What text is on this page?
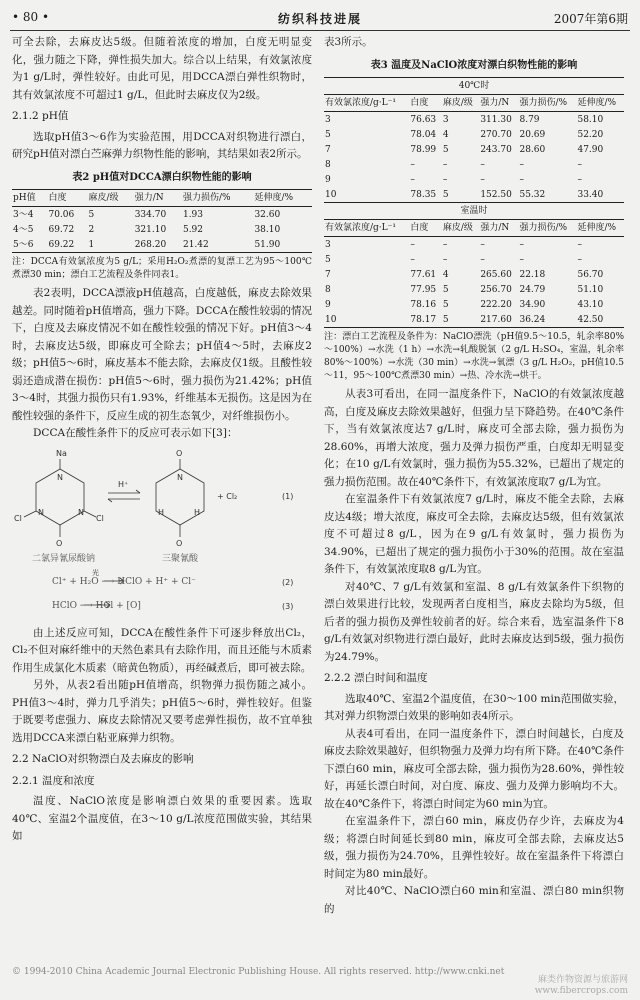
• 80 •	纺织科技进展	2007年第6期

可全去除，去麻皮达5级。但随着浓度的增加，白度无明显变化，强力随之下降，弹性损失加大。综合以上结果，有效氯浓度为1 g/L时，弹性较好。由此可见，用DCCA漂白弹性织物时，其有效氯浓度不可超过1 g/L，但此时去麻皮仅为2级。

2.1.2 pH值

选取pH值3～6作为实验范围，用DCCA对织物进行漂白，研究pH值对漂白苎麻弹力织物性能的影响，其结果如表2所示。

表2 pH值对DCCA漂白织物性能的影响
pH值	白度	麻皮/级	强力/N	强力损伤/%	延伸度/%
3～4	70.06	5	334.70	1.93	32.60
4～5	69.72	2	321.10	5.92	38.10
5～6	69.22	1	268.20	21.42	51.90

注：DCCA有效氯浓度为5 g/L；采用H₂O₂煮漂的复漂工艺为95～100℃煮漂30 min；漂白工艺流程及条件同表1。

表2表明，DCCA漂液pH值越高，白度越低，麻皮去除效果越差。同时随着pH值增高，强力下降。DCCA在酸性较弱的情况下，白度及去麻皮情况不如在酸性较强的情况下好。pH值3～4时，去麻皮达5级，即麻皮可全除去；pH值4～5时，去麻皮2级；pH值5～6时，麻皮基本不能去除，去麻皮仅1级。且酸性较弱还造成潜在损伤：pH值5～6时，强力损伤为21.42%；pH值3～4时，其强力损伤只有1.93%，纤维基本无损伤。这是因为在酸性较强的条件下，反应生成的初生态氧少，对纤维损伤小。

DCCA在酸性条件下的反应可表示如下[3]：

Na
O
Cl	Cl
N
N
N
O
O
N
H
H
H⁺
+ Cl₂	(1)
(2)
(3)
光
二氯异氰尿酸钠	三聚氰酸
Cl⁺ + H₂O ⟶ HClO + H⁺ + Cl⁻
HClO ⟶ HCl + [O]

由上述反应可知，DCCA在酸性条件下可逐步释放出Cl₂，Cl₂不但对麻纤维中的天然色素具有去除作用，而且还能与木质素作用生成氯化木质素（暗黄色物质），再经碱煮后，即可被去除。

另外，从表2看出随pH值增高，织物弹力损伤随之减小。PH值3～4时，弹力几乎消失；pH值5～6时，弹性较好。但鉴于既要考虑强力、麻皮去除情况又要考虑弹性损伤，故不宜单独选用DCCA来漂白粘亚麻弹力织物。

2.2 NaClO对织物漂白及去麻皮的影响

2.2.1 温度和浓度

温度、NaClO浓度是影响漂白效果的重要因素。选取40℃、室温2个温度值，在3～10 g/L浓度范围做实验，其结果如

表3所示。

表3 温度及NaClO浓度对漂白织物性能的影响
40℃时					
有效氯浓度/g·L⁻¹	白度	麻皮/级	强力/N	强力损伤/%	延伸度/%
3	76.63	3	311.30	8.79	58.10
5	78.04	4	270.70	20.69	52.20
7	78.99	5	243.70	28.60	47.90
8	–	–	–	–	–
9	–	–	–	–	–
10	78.35	5	152.50	55.32	33.40
室温时					
有效氯浓度/g·L⁻¹	白度	麻皮/级	强力/N	强力损伤/%	延伸度/%
3	–	–	–	–	–
5	–	–	–	–	–
7	77.61	4	265.60	22.18	56.70
8	77.95	5	256.70	24.79	51.10
9	78.16	5	222.20	34.90	43.10
10	78.17	5	217.60	36.24	42.50

注：漂白工艺流程及条件为：NaClO漂洗（pH值9.5～10.5，轧余率80%～100%）→水洗（1 h）→水洗→轧酸脱氯（2 g/L H₂SO₄，室温，轧余率80%～100%）→水洗（30 min）→水洗→氧漂（3 g/L H₂O₂，pH值10.5～11，95～100℃煮漂30 min）→热、冷水洗→烘干。

从表3可看出，在同一温度条件下，NaClO的有效氯浓度越高，白度及麻皮去除效果越好，但强力呈下降趋势。在40℃条件下，当有效氯浓度达7 g/L时，麻皮可全部去除，强力损伤为28.60%，再增大浓度，强力及弹力损伤严重，白度却无明显变化；在10 g/L有效氯时，强力损伤为55.32%，已超出了规定的强力损伤范围。故在40℃条件下，有效氯浓度取7 g/L为宜。

在室温条件下有效氯浓度7 g/L时，麻皮不能全去除，去麻皮达4级；增大浓度，麻皮可全去除，去麻皮达5级，但有效氯浓度不可超过8 g/L，因为在9 g/L有效氯时，强力损伤为34.90%，已超出了规定的强力损伤小于30%的范围。故在室温条件下，有效氯浓度取8 g/L为宜。

对40℃、7 g/L有效氯和室温、8 g/L有效氯条件下织物的漂白效果进行比较，发现两者白度相当，麻皮去除均为5级，但后者的强力损伤及弹性较前者的好。综合来看，选室温条件下8 g/L有效氯对织物进行漂白最好，此时去麻皮达到5级，强力损伤为24.79%。

2.2.2 漂白时间和温度

选取40℃、室温2个温度值，在30～100 min范围做实验，其对弹力织物漂白效果的影响如表4所示。

从表4可看出，在同一温度条件下，漂白时间越长，白度及麻皮去除效果越好，但织物强力及弹力均有所下降。在40℃条件下漂白60 min，麻皮可全部去除，强力损伤为28.60%，弹性较好，再延长漂白时间，对白度、麻皮、强力及弹力影响均不大。故在40℃条件下，将漂白时间定为60 min为宜。

在室温条件下，漂白60 min，麻皮仍存少许，去麻皮为4级；将漂白时间延长到80 min，麻皮可全部去除，去麻皮达5级，强力损伤为24.70%，且弹性较好。故在室温条件下将漂白时间定为80 min最好。

对比40℃、NaClO漂白60 min和室温、漂白80 min织物的

© 1994-2010 China Academic Journal Electronic Publishing House. All rights reserved. http://www.cnki.net
麻类作物资源与旅游网
www.fibercrops.com
